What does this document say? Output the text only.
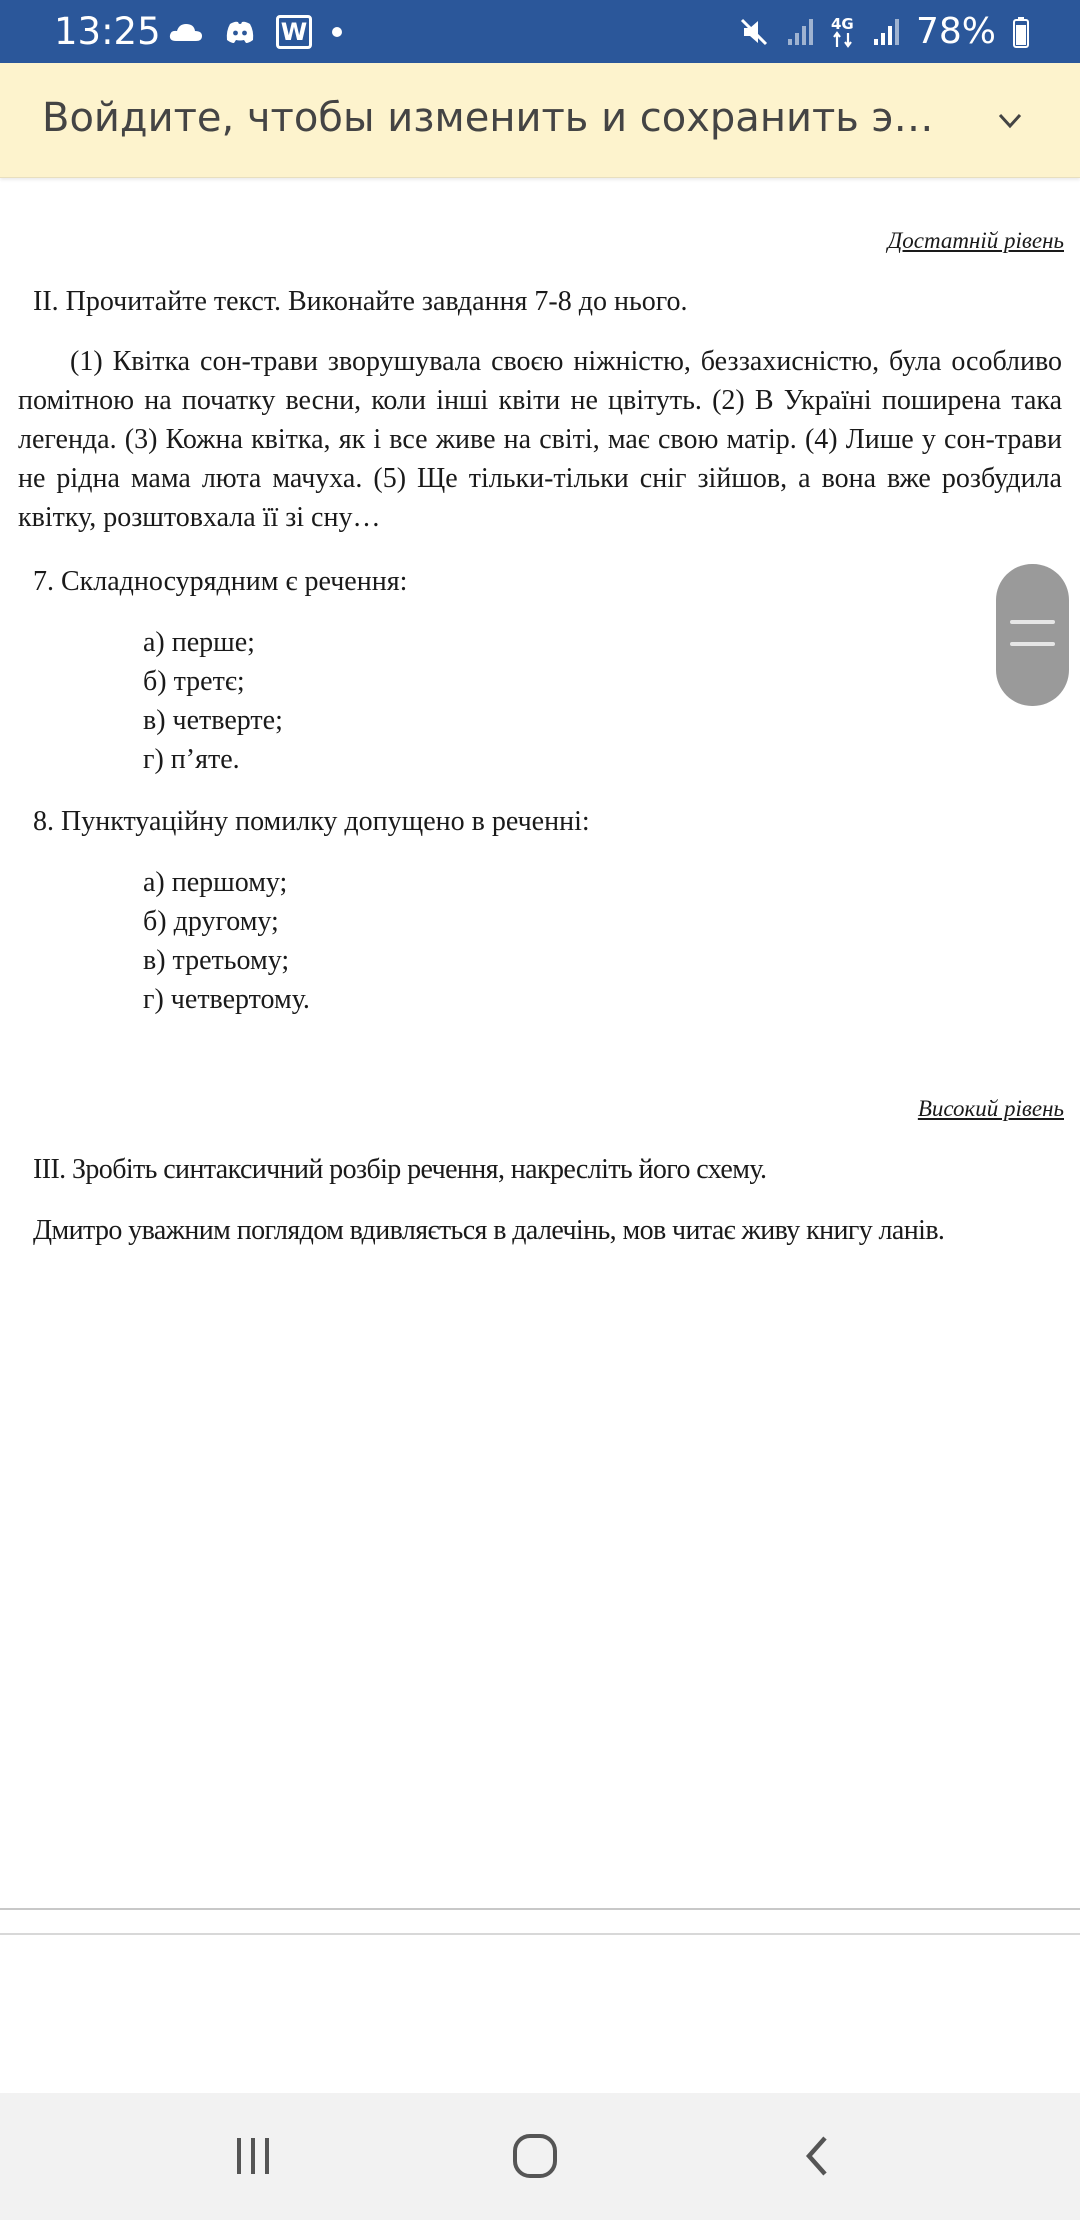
13:25	W	4G 78%
Войдите, чтобы изменить и сохранить э…
Достатній рівень
ІІ. Прочитайте текст. Виконайте завдання 7-8 до нього.

(1) Квітка сон-трави зворушувала своєю ніжністю, беззахисністю, була особливо помітною на початку весни, коли інші квіти не цвітуть. (2) В Україні поширена така легенда. (3) Кожна квітка, як і все живе на світі, має свою матір. (4) Лише у сон-трави не рідна мама люта мачуха. (5) Ще тільки-тільки сніг зійшов, а вона вже розбудила квітку, розштовхала її зі сну…

7. Складносурядним є речення:
а) перше;
б) третє;
в) четверте;
г) п’яте.
8. Пунктуаційну помилку допущено в реченні:
а) першому;
б) другому;
в) третьому;
г) четвертому.
Високий рівень
ІІІ. Зробіть синтаксичний розбір речення, накресліть його схему.
Дмитро уважним поглядом вдивляється в далечінь, мов читає живу книгу ланів.
